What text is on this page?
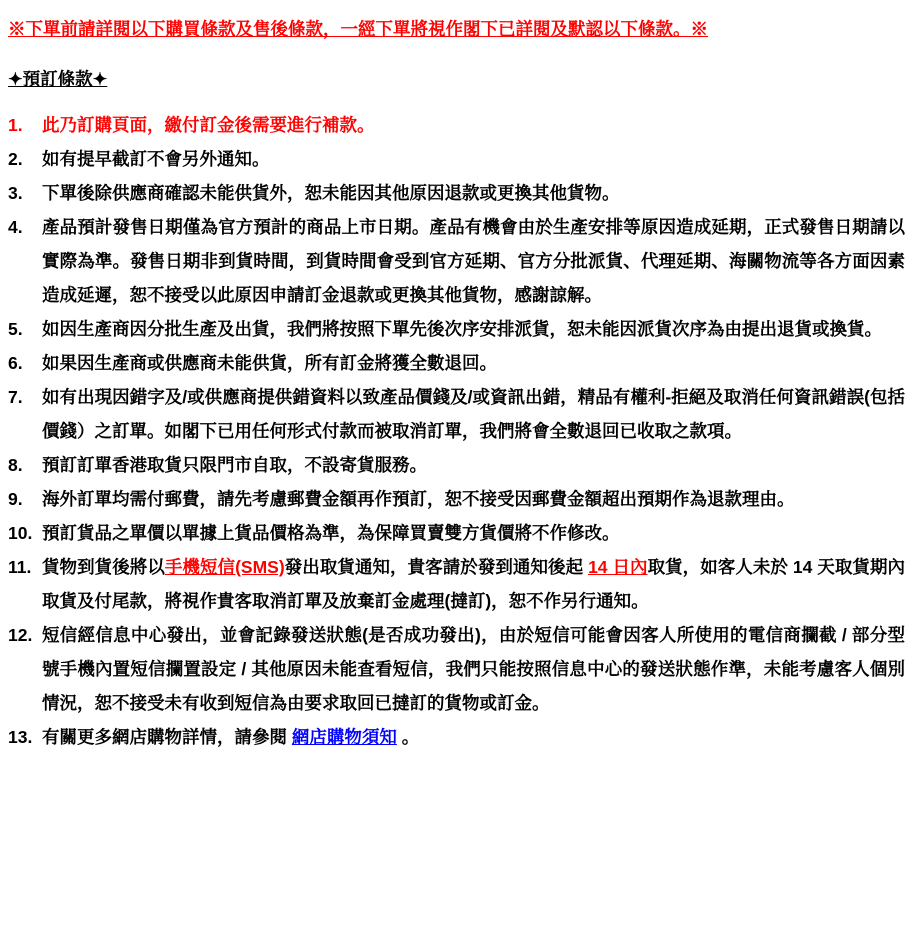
※下單前請詳閱以下購買條款及售後條款，一經下單將視作閣下已詳閱及默認以下條款。※
✦預訂條款✦
1.	此乃訂購頁面，繳付訂金後需要進行補款。
2.	如有提早截訂不會另外通知。
3.	下單後除供應商確認未能供貨外，恕未能因其他原因退款或更換其他貨物。
4.	產品預計發售日期僅為官方預計的商品上市日期。產品有機會由於生產安排等原因造成延期，正式發售日期請以實際為準。發售日期非到貨時間，到貨時間會受到官方延期、官方分批派貨、代理延期、海關物流等各方面因素造成延遲，恕不接受以此原因申請訂金退款或更換其他貨物，感謝諒解。
5.	如因生產商因分批生產及出貨，我們將按照下單先後次序安排派貨，恕未能因派貨次序為由提出退貨或換貨。
6.	如果因生產商或供應商未能供貨，所有訂金將獲全數退回。
7.	如有出現因錯字及/或供應商提供錯資料以致產品價錢及/或資訊出錯，精品有權利-拒絕及取消任何資訊錯誤(包括價錢）之訂單。如閣下已用任何形式付款而被取消訂單，我們將會全數退回已收取之款項。
8.	預訂訂單香港取貨只限門市自取，不設寄貨服務。
9.	海外訂單均需付郵費，請先考慮郵費金額再作預訂，恕不接受因郵費金額超出預期作為退款理由。
10. 預訂貨品之單價以單據上貨品價格為準，為保障買賣雙方貨價將不作修改。
11. 貨物到貨後將以手機短信(SMS)發出取貨通知，貴客請於發到通知後起 14 日內取貨，如客人未於 14 天取貨期內取貨及付尾款，將視作貴客取消訂單及放棄訂金處理(撻訂)，恕不作另行通知。
12. 短信經信息中心發出，並會記錄發送狀態(是否成功發出)，由於短信可能會因客人所使用的電信商攔截 / 部分型號手機內置短信攔置設定 / 其他原因未能查看短信，我們只能按照信息中心的發送狀態作準，未能考慮客人個別情況，恕不接受未有收到短信為由要求取回已撻訂的貨物或訂金。
13. 有關更多網店購物詳情，請參閱 網店購物須知 。
